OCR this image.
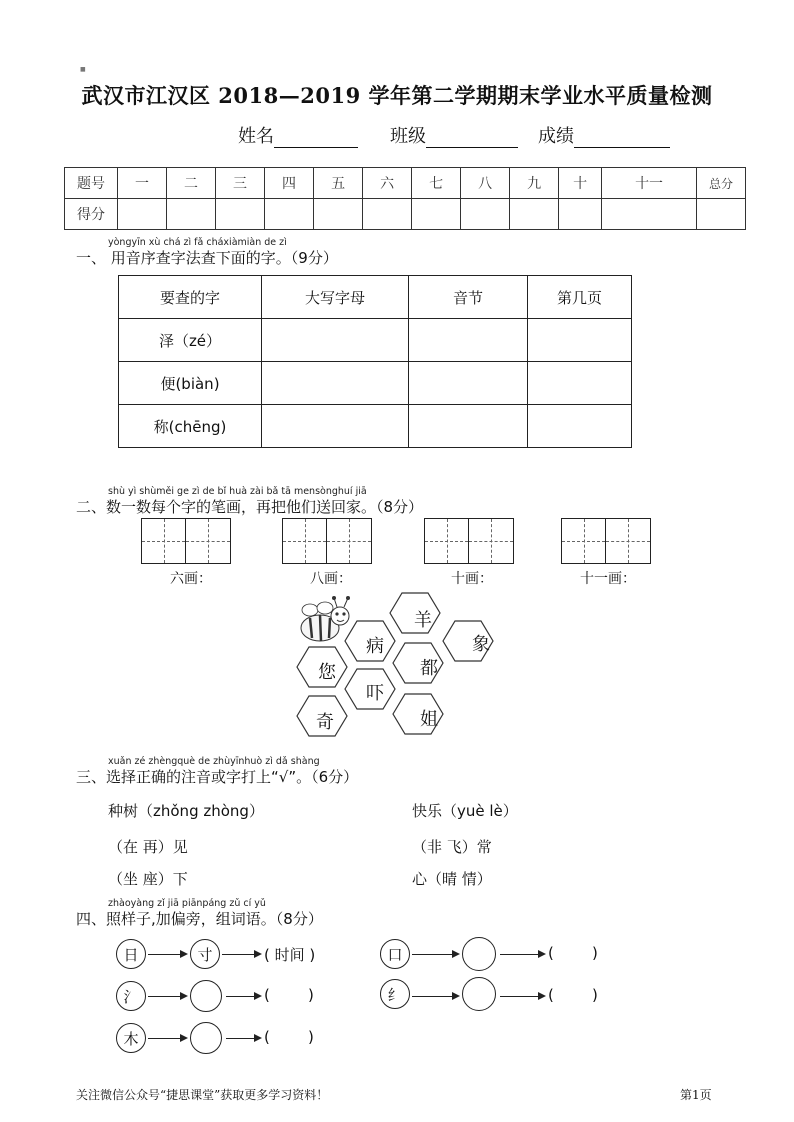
■
武汉市江汉区 2018—2019 学年第二学期期末学业水平质量检测
姓名	班级	成绩
题号	一	二	三	四	五	六	七	八	九	十	十一	总分
得分												
yòngyīn xù chá zì fǎ cháxiàmiàn de zì
一、 用音序查字法查下面的字。（9分）
要查的字	大写字母	音节	第几页
泽（zé）			
便(biàn)			
称(chēng)			
shù yì shùměi ge zì de bǐ huà zài bǎ tā mensònghuí jiā
二、数一数每个字的笔画，再把他们送回家。（8分）
六画：	八画：	十画：	十一画：
羊
病	象
您	都
吓
奇	姐
xuǎn zé zhèngquè de zhùyīnhuò zì dǎ shàng
三、选择正确的注音或字打上“√”。（6分）
种树（zhǒng zhòng）	快乐（yuè lè）
（在 再）见	（非 飞）常
（坐 座）下	心（晴 情）
zhàoyàng zǐ jiā piānpáng zǔ cí yǔ
四、照样子,加偏旁，组词语。（8分）
日	寸	( 时间 )	口	(        )
氵	(        )	纟	(        )
木	(        )
关注微信公众号“捷思课堂”获取更多学习资料！	第1页
